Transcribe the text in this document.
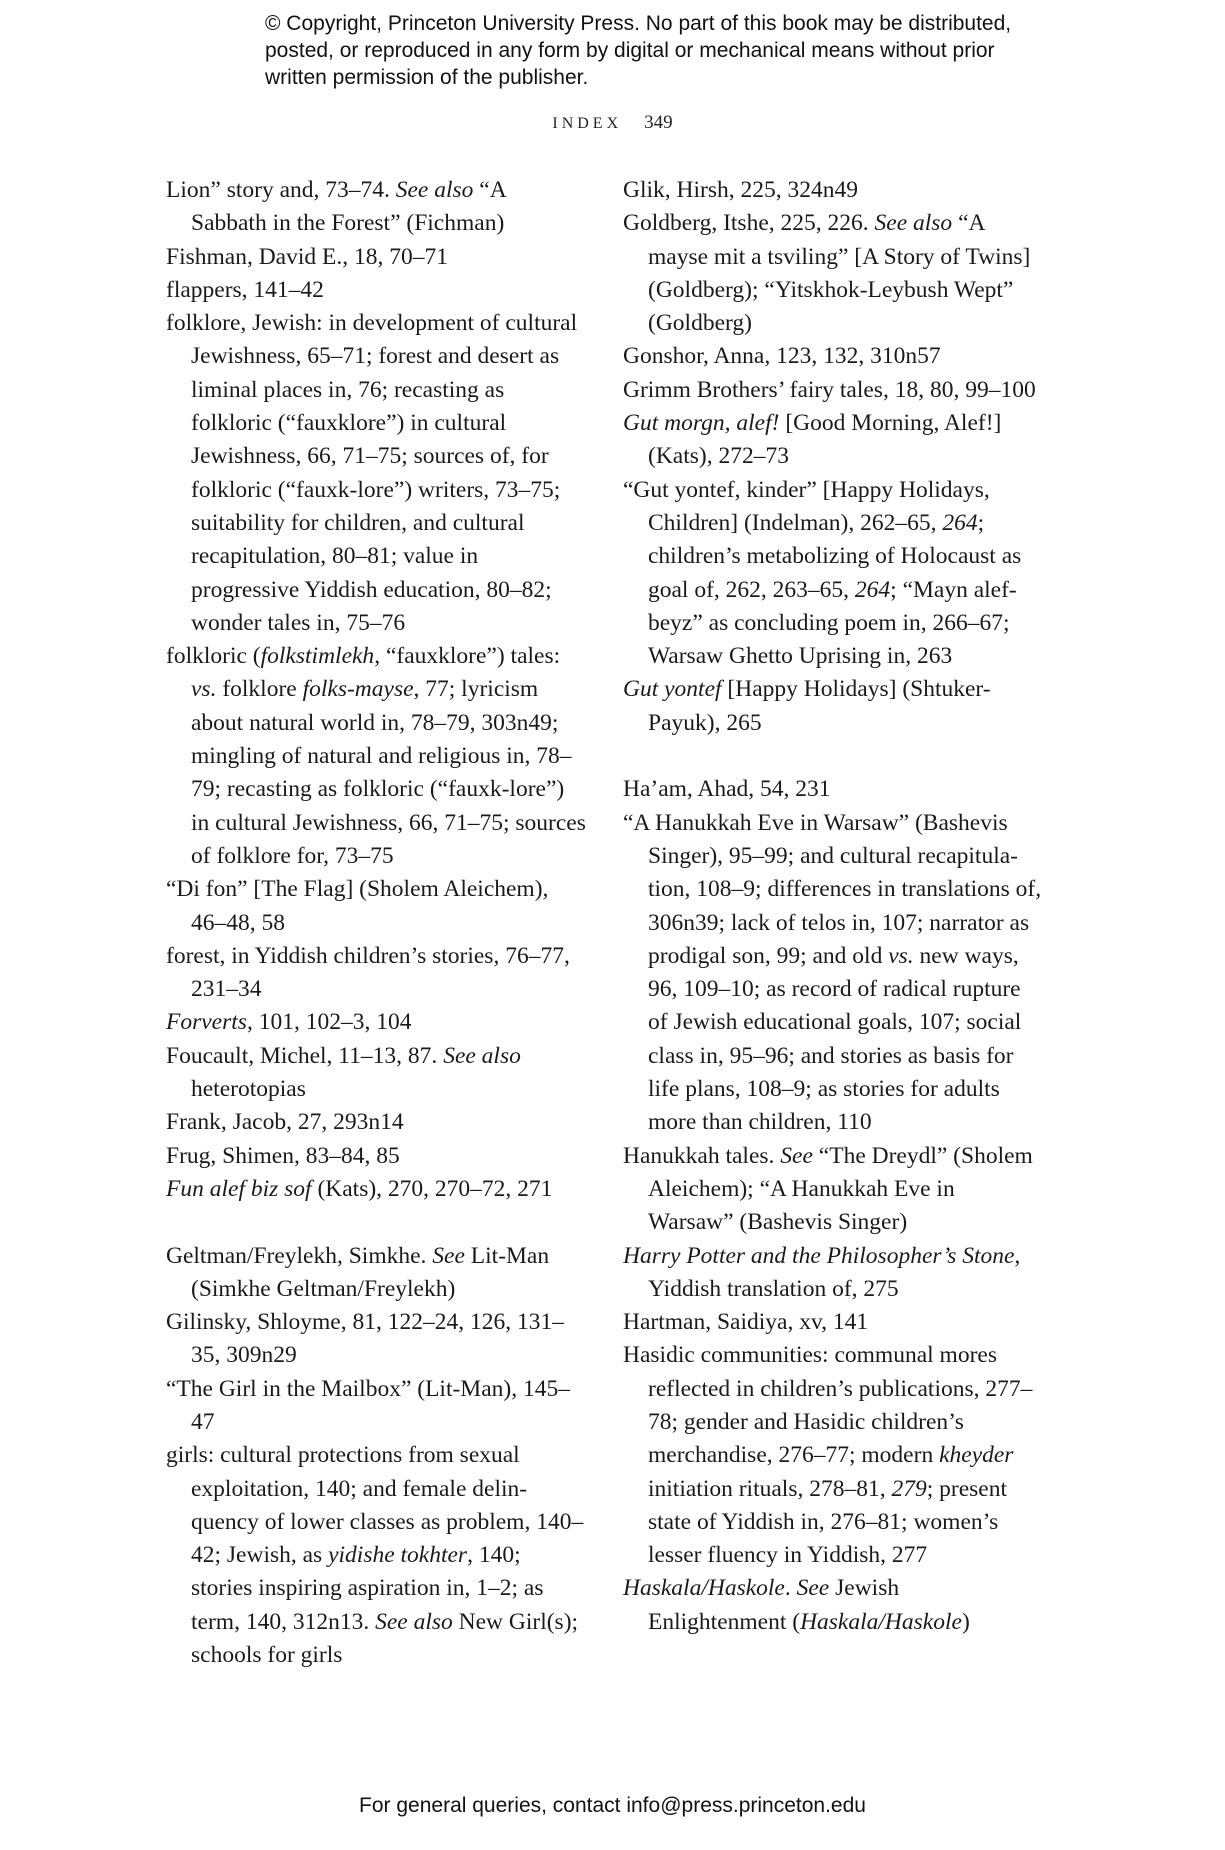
© Copyright, Princeton University Press. No part of this book may be distributed, posted, or reproduced in any form by digital or mechanical means without prior written permission of the publisher.
INDEX 349
Lion” story and, 73–74. See also “A Sabbath in the Forest” (Fichman)
Fishman, David E., 18, 70–71
flappers, 141–42
folklore, Jewish: in development of cultural Jewishness, 65–71; forest and desert as liminal places in, 76; recasting as folkloric (“fauxklore”) in cultural Jewishness, 66, 71–75; sources of, for folkloric (“fauxk-lore”) writers, 73–75; suitability for children, and cultural recapitulation, 80–81; value in progressive Yiddish education, 80–82; wonder tales in, 75–76
folkloric (folkstimlekh, “fauxklore”) tales: vs. folklore folks-mayse, 77; lyricism about natural world in, 78–79, 303n49; mingling of natural and religious in, 78–79; recasting as folkloric (“fauxk-lore”) in cultural Jewishness, 66, 71–75; sources of folklore for, 73–75
“Di fon” [The Flag] (Sholem Aleichem), 46–48, 58
forest, in Yiddish children’s stories, 76–77, 231–34
Forverts, 101, 102–3, 104
Foucault, Michel, 11–13, 87. See also heterotopias
Frank, Jacob, 27, 293n14
Frug, Shimen, 83–84, 85
Fun alef biz sof (Kats), 270, 270–72, 271
Geltman/Freylekh, Simkhe. See Lit-Man (Simkhe Geltman/Freylekh)
Gilinsky, Shloyme, 81, 122–24, 126, 131–35, 309n29
“The Girl in the Mailbox” (Lit-Man), 145–47
girls: cultural protections from sexual exploitation, 140; and female delin-quency of lower classes as problem, 140–42; Jewish, as yidishe tokhter, 140; stories inspiring aspiration in, 1–2; as term, 140, 312n13. See also New Girl(s); schools for girls
Glik, Hirsh, 225, 324n49
Goldberg, Itshe, 225, 226. See also “A mayse mit a tsviling” [A Story of Twins] (Goldberg); “Yitskhok-Leybush Wept” (Goldberg)
Gonshor, Anna, 123, 132, 310n57
Grimm Brothers’ fairy tales, 18, 80, 99–100
Gut morgn, alef! [Good Morning, Alef!] (Kats), 272–73
“Gut yontef, kinder” [Happy Holidays, Children] (Indelman), 262–65, 264; children’s metabolizing of Holocaust as goal of, 262, 263–65, 264; “Mayn alef-beyz” as concluding poem in, 266–67; Warsaw Ghetto Uprising in, 263
Gut yontef [Happy Holidays] (Shtuker-Payuk), 265
Ha’am, Ahad, 54, 231
“A Hanukkah Eve in Warsaw” (Bashevis Singer), 95–99; and cultural recapitula-tion, 108–9; differences in translations of, 306n39; lack of telos in, 107; narrator as prodigal son, 99; and old vs. new ways, 96, 109–10; as record of radical rupture of Jewish educational goals, 107; social class in, 95–96; and stories as basis for life plans, 108–9; as stories for adults more than children, 110
Hanukkah tales. See “The Dreydl” (Sholem Aleichem); “A Hanukkah Eve in Warsaw” (Bashevis Singer)
Harry Potter and the Philosopher’s Stone, Yiddish translation of, 275
Hartman, Saidiya, xv, 141
Hasidic communities: communal mores reflected in children’s publications, 277–78; gender and Hasidic children’s merchandise, 276–77; modern kheyder initiation rituals, 278–81, 279; present state of Yiddish in, 276–81; women’s lesser fluency in Yiddish, 277
Haskala/Haskole. See Jewish Enlightenment (Haskala/Haskole)
For general queries, contact info@press.princeton.edu
